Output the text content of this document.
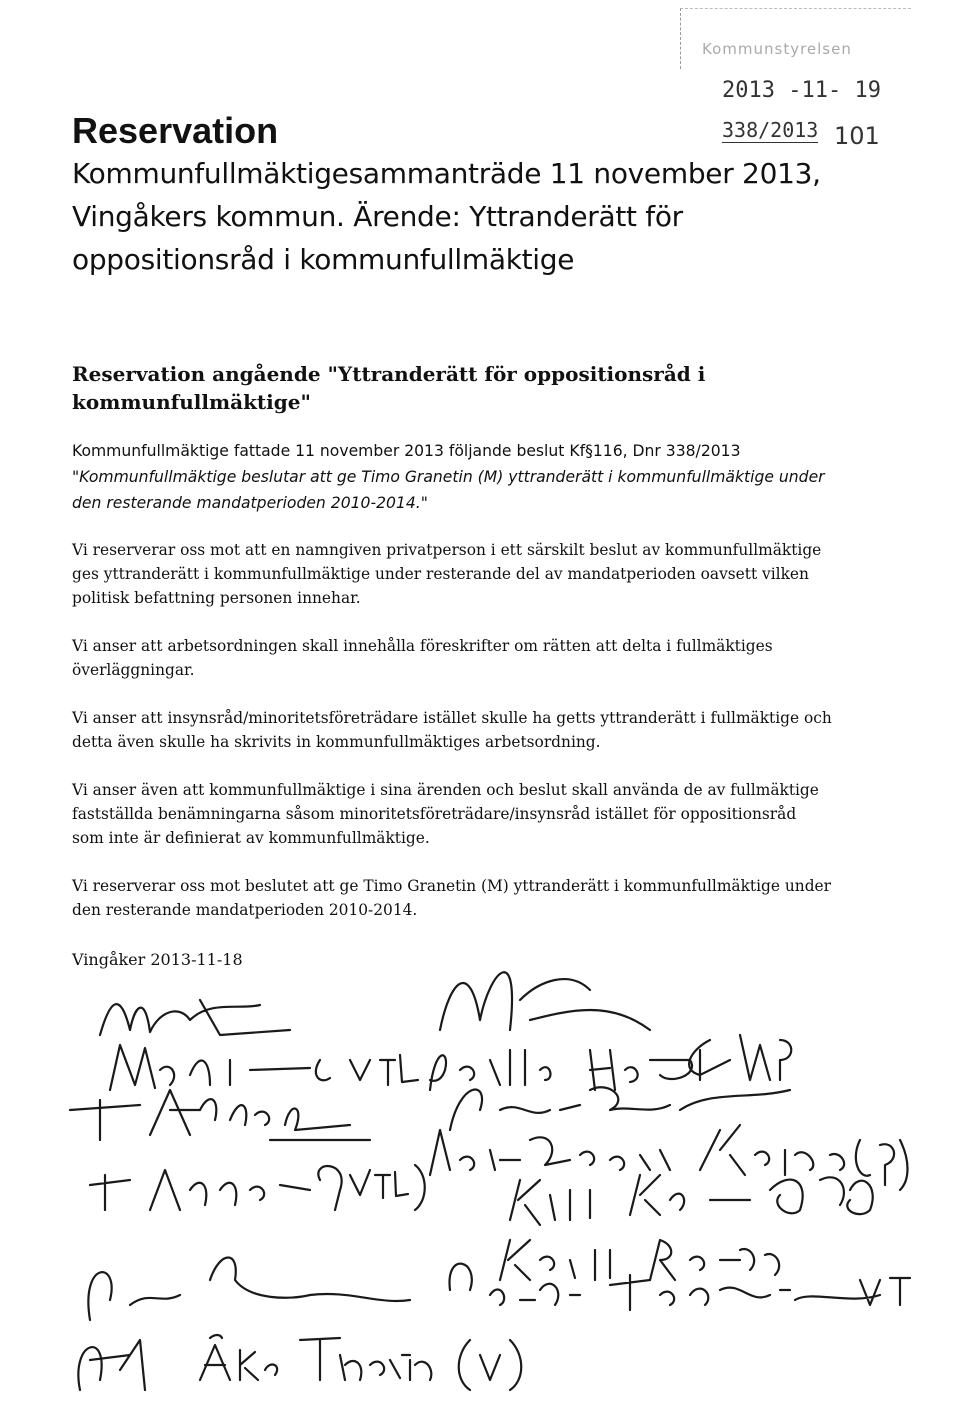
Kommunstyrelsen
2013 -11- 19
338/2013 101
Reservation

Kommunfullmäktigesammanträde 11 november 2013, Vingåkers kommun. Ärende: Yttranderätt för oppositionsråd i kommunfullmäktige

Reservation angående "Yttranderätt för oppositionsråd i kommunfullmäktige"

Kommunfullmäktige fattade 11 november 2013 följande beslut Kf§116, Dnr 338/2013
"Kommunfullmäktige beslutar att ge Timo Granetin (M) yttranderätt i kommunfullmäktige under den resterande mandatperioden 2010-2014."

Vi reserverar oss mot att en namngiven privatperson i ett särskilt beslut av kommunfullmäktige ges yttranderätt i kommunfullmäktige under resterande del av mandatperioden oavsett vilken politisk befattning personen innehar.

Vi anser att arbetsordningen skall innehålla föreskrifter om rätten att delta i fullmäktiges överläggningar.

Vi anser att insynsråd/minoritetsföreträdare istället skulle ha getts yttranderätt i fullmäktige och detta även skulle ha skrivits in kommunfullmäktiges arbetsordning.

Vi anser även att kommunfullmäktige i sina ärenden och beslut skall använda de av fullmäktige fastställda benämningarna såsom minoritetsföreträdare/insynsråd istället för oppositionsråd som inte är definierat av kommunfullmäktige.

Vi reserverar oss mot beslutet att ge Timo Granetin (M) yttranderätt i kommunfullmäktige under den resterande mandatperioden 2010-2014.

Vingåker 2013-11-18
